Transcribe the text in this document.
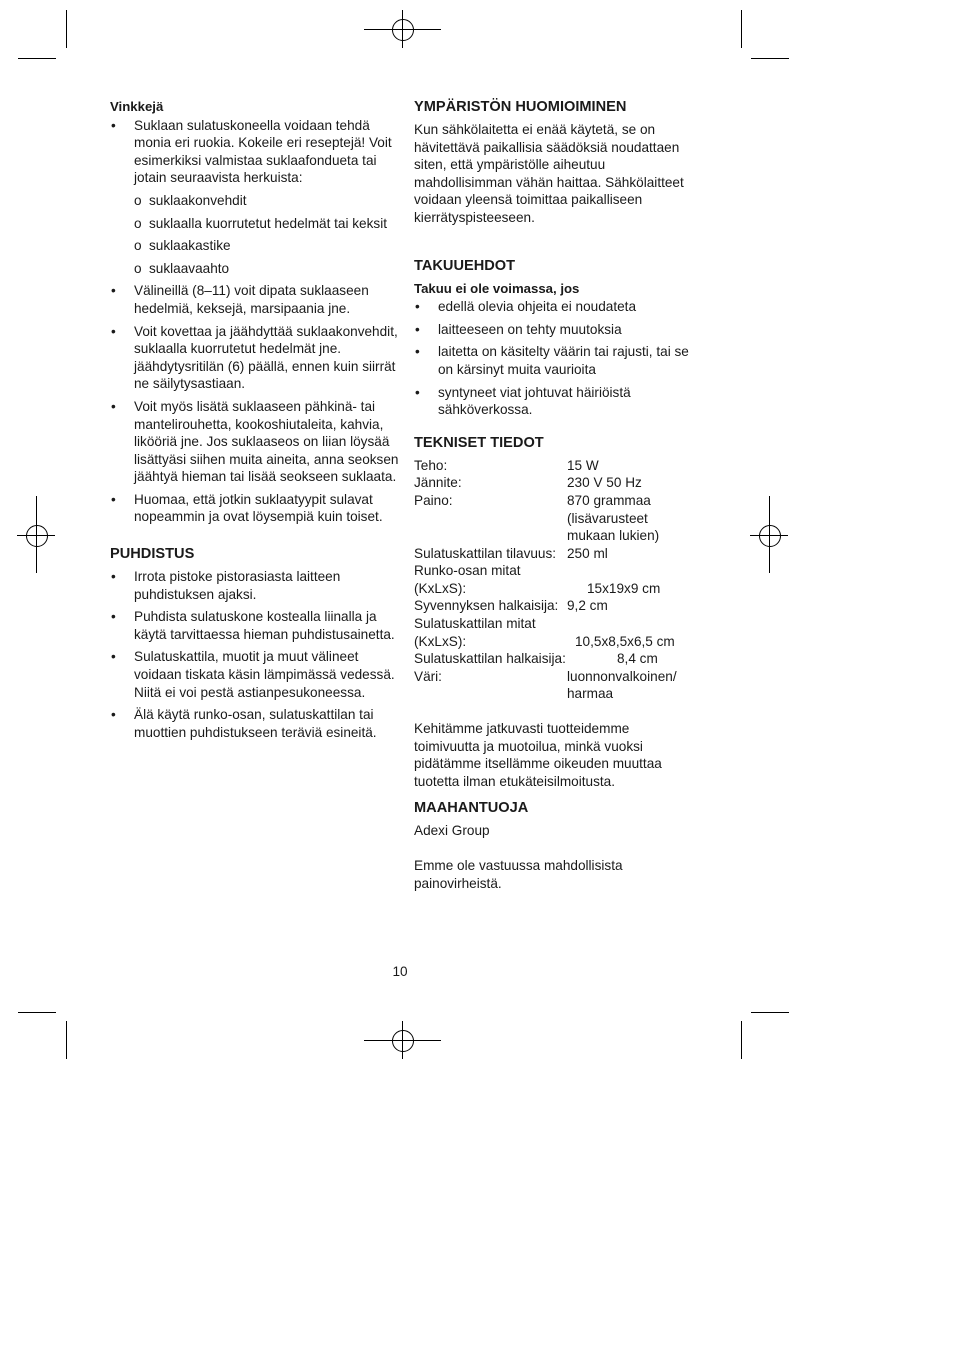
Vinkkejä
• Suklaan sulatuskoneella voidaan tehdä monia eri ruokia. Kokeile eri reseptejä! Voit esimerkiksi valmistaa suklaafondueta tai jotain seuraavista herkuista:
o suklaakonvehdit
o suklaalla kuorrutetut hedelmät tai keksit
o suklaakastike
o suklaavaahto
• Välineillä (8–11) voit dipata suklaaseen hedelmiä, keksejä, marsipaania jne.
• Voit kovettaa ja jäähdyttää suklaakonvehdit, suklaalla kuorrutetut hedelmät jne. jäähdytysritilän (6) päällä, ennen kuin siirrät ne säilytysastiaan.
• Voit myös lisätä suklaaseen pähkinä- tai mantelirouhetta, kookoshiutaleita, kahvia, likööriä jne. Jos suklaaseos on liian löysää lisättyäsi siihen muita aineita, anna seoksen jäähtyä hieman tai lisää seokseen suklaata.
• Huomaa, että jotkin suklaatyypit sulavat nopeammin ja ovat löysempiä kuin toiset.
PUHDISTUS
• Irrota pistoke pistorasiasta laitteen puhdistuksen ajaksi.
• Puhdista sulatuskone kostealla liinalla ja käytä tarvittaessa hieman puhdistusainetta.
• Sulatuskattila, muotit ja muut välineet voidaan tiskata käsin lämpimässä vedessä. Niitä ei voi pestä astianpesukoneessa.
• Älä käytä runko-osan, sulatuskattilan tai muottien puhdistukseen teräviä esineitä.
YMPÄRISTÖN HUOMIOIMINEN

Kun sähkölaitetta ei enää käytetä, se on hävitettävä paikallisia säädöksiä noudattaen siten, että ympäristölle aiheutuu mahdollisimman vähän haittaa. Sähkölaitteet voidaan yleensä toimittaa paikalliseen kierrätyspisteeseen.

TAKUUEHDOT
Takuu ei ole voimassa, jos
• edellä olevia ohjeita ei noudateta
• laitteeseen on tehty muutoksia
• laitetta on käsitelty väärin tai rajusti, tai se on kärsinyt muita vaurioita
• syntyneet viat johtuvat häiriöistä sähköverkossa.
TEKNISET TIEDOT
Teho:	15 W
Jännite:	230 V 50 Hz
Paino:	870 grammaa (lisävarusteet mukaan lukien)
Sulatuskattilan tilavuus: 250 ml
Runko-osan mitat (KxLxS):	15x19x9 cm
Syvennyksen halkaisija: 9,2 cm
Sulatuskattilan mitat (KxLxS):	10,5x8,5x6,5 cm
Sulatuskattilan halkaisija:	8,4 cm
Väri:	luonnonvalkoinen/ harmaa

Kehitämme jatkuvasti tuotteidemme toimivuutta ja muotoilua, minkä vuoksi pidätämme itsellämme oikeuden muuttaa tuotetta ilman etukäteisilmoitusta.

MAAHANTUOJA

Adexi Group

Emme ole vastuussa mahdollisista painovirheistä.

10
